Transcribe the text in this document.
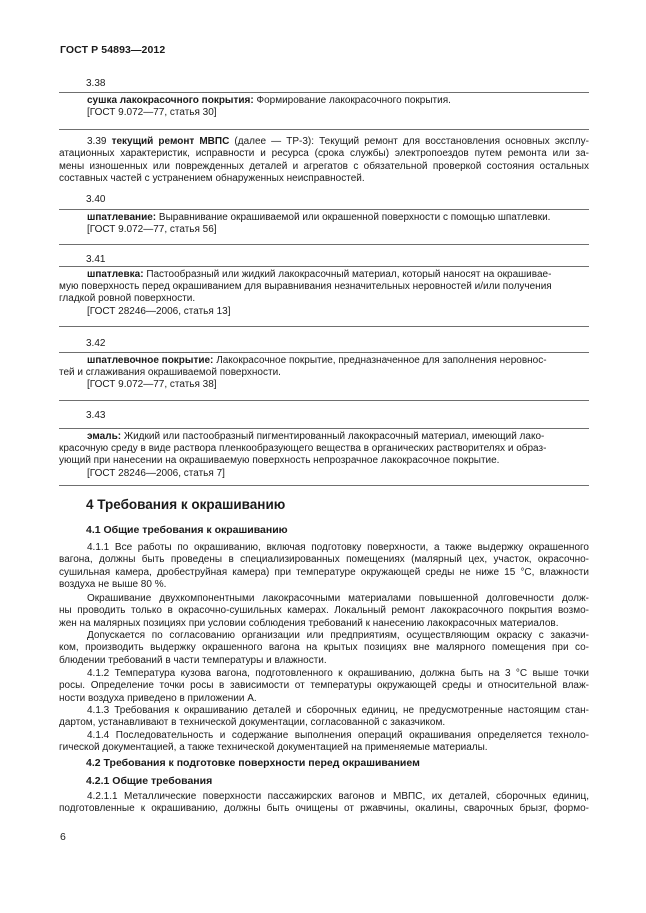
ГОСТ Р 54893—2012
3.38
сушка лакокрасочного покрытия: Формирование лакокрасочного покрытия.
[ГОСТ 9.072—77, статья 30]
3.39 текущий ремонт МВПС (далее — ТР-3): Текущий ремонт для восстановления основных эксплу-
атационных характеристик, исправности и ресурса (срока службы) электропоездов путем ремонта или за-
мены изношенных или поврежденных деталей и агрегатов с обязательной проверкой состояния остальных
составных частей с устранением обнаруженных неисправностей.
3.40
шпатлевание: Выравнивание окрашиваемой или окрашенной поверхности с помощью шпатлевки.
[ГОСТ 9.072—77, статья 56]
3.41
шпатлевка: Пастообразный или жидкий лакокрасочный материал, который наносят на окрашивае-
мую поверхность перед окрашиванием для выравнивания незначительных неровностей и/или получения
гладкой ровной поверхности.
[ГОСТ 28246—2006, статья 13]
3.42
шпатлевочное покрытие: Лакокрасочное покрытие, предназначенное для заполнения неровнос-
тей и сглаживания окрашиваемой поверхности.
[ГОСТ 9.072—77, статья 38]
3.43
эмаль: Жидкий или пастообразный пигментированный лакокрасочный материал, имеющий лако-
красочную среду в виде раствора пленкообразующего вещества в органических растворителях и образ-
ующий при нанесении на окрашиваемую поверхность непрозрачное лакокрасочное покрытие.
[ГОСТ 28246—2006, статья 7]
4 Требования к окрашиванию
4.1 Общие требования к окрашиванию
4.1.1 Все работы по окрашиванию, включая подготовку поверхности, а также выдержку окрашенного
вагона, должны быть проведены в специализированных помещениях (малярный цех, участок, окрасочно-
сушильная камера, дробеструйная камера) при температуре окружающей среды не ниже 15 °С, влажности
воздуха не выше 80 %.
Окрашивание двухкомпонентными лакокрасочными материалами повышенной долговечности долж-
ны проводить только в окрасочно-сушильных камерах. Локальный ремонт лакокрасочного покрытия возмо-
жен на малярных позициях при условии соблюдения требований к нанесению лакокрасочных материалов.
Допускается по согласованию организации или предприятиям, осуществляющим окраску с заказчи-
ком, производить выдержку окрашенного вагона на крытых позициях вне малярного помещения при со-
блюдении требований в части температуры и влажности.
4.1.2 Температура кузова вагона, подготовленного к окрашиванию, должна быть на 3 °С выше точки
росы. Определение точки росы в зависимости от температуры окружающей среды и относительной влаж-
ности воздуха приведено в приложении А.
4.1.3 Требования к окрашиванию деталей и сборочных единиц, не предусмотренные настоящим стан-
дартом, устанавливают в технической документации, согласованной с заказчиком.
4.1.4 Последовательность и содержание выполнения операций окрашивания определяется техноло-
гической документацией, а также технической документацией на применяемые материалы.
4.2 Требования к подготовке поверхности перед окрашиванием
4.2.1 Общие требования
4.2.1.1 Металлические поверхности пассажирских вагонов и МВПС, их деталей, сборочных единиц,
подготовленные к окрашиванию, должны быть очищены от ржавчины, окалины, сварочных брызг, формо-
6
